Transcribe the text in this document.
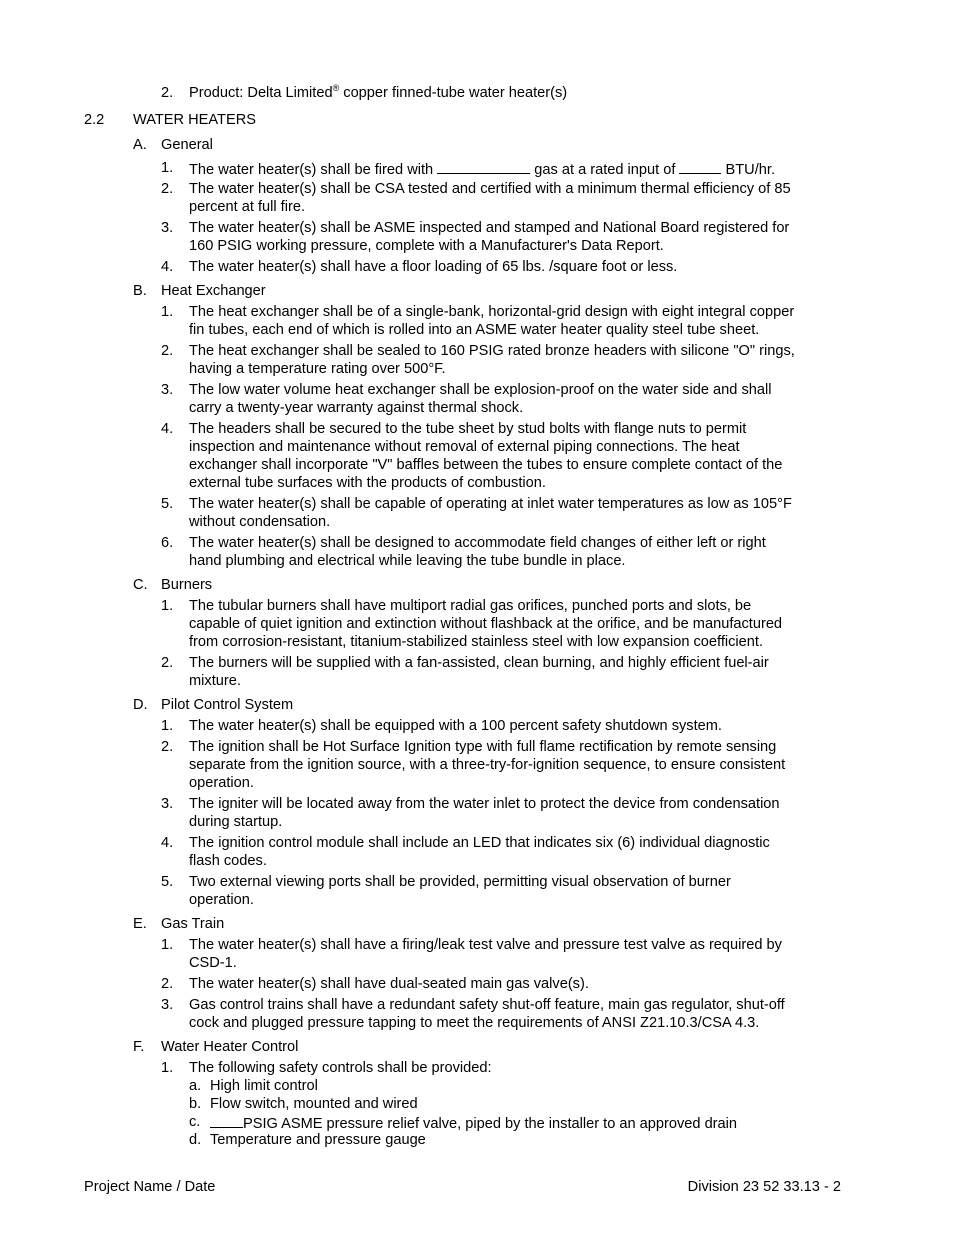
2. Product: Delta Limited® copper finned-tube water heater(s)
2.2 WATER HEATERS
A. General
1. The water heater(s) shall be fired with	gas at a rated input of	BTU/hr.
2. The water heater(s) shall be CSA tested and certified with a minimum thermal efficiency of 85
percent at full fire.
3. The water heater(s) shall be ASME inspected and stamped and National Board registered for
160 PSIG working pressure, complete with a Manufacturer's Data Report.
4. The water heater(s) shall have a floor loading of 65 lbs. /square foot or less.
B. Heat Exchanger
1. The heat exchanger shall be of a single-bank, horizontal-grid design with eight integral copper
fin tubes, each end of which is rolled into an ASME water heater quality steel tube sheet.
2. The heat exchanger shall be sealed to 160 PSIG rated bronze headers with silicone "O" rings,
having a temperature rating over 500°F.
3. The low water volume heat exchanger shall be explosion-proof on the water side and shall
carry a twenty-year warranty against thermal shock.
4. The headers shall be secured to the tube sheet by stud bolts with flange nuts to permit
inspection and maintenance without removal of external piping connections. The heat
exchanger shall incorporate "V" baffles between the tubes to ensure complete contact of the
external tube surfaces with the products of combustion.
5. The water heater(s) shall be capable of operating at inlet water temperatures as low as 105°F
without condensation.
6. The water heater(s) shall be designed to accommodate field changes of either left or right
hand plumbing and electrical while leaving the tube bundle in place.
C. Burners
1. The tubular burners shall have multiport radial gas orifices, punched ports and slots, be
capable of quiet ignition and extinction without flashback at the orifice, and be manufactured
from corrosion-resistant, titanium-stabilized stainless steel with low expansion coefficient.
2. The burners will be supplied with a fan-assisted, clean burning, and highly efficient fuel-air
mixture.
D. Pilot Control System
1. The water heater(s) shall be equipped with a 100 percent safety shutdown system.
2. The ignition shall be Hot Surface Ignition type with full flame rectification by remote sensing
separate from the ignition source, with a three-try-for-ignition sequence, to ensure consistent
operation.
3. The igniter will be located away from the water inlet to protect the device from condensation
during startup.
4. The ignition control module shall include an LED that indicates six (6) individual diagnostic
flash codes.
5. Two external viewing ports shall be provided, permitting visual observation of burner
operation.
E. Gas Train
1. The water heater(s) shall have a firing/leak test valve and pressure test valve as required by
CSD-1.
2. The water heater(s) shall have dual-seated main gas valve(s).
3. Gas control trains shall have a redundant safety shut-off feature, main gas regulator, shut-off
cock and plugged pressure tapping to meet the requirements of ANSI Z21.10.3/CSA 4.3.
F. Water Heater Control
1. The following safety controls shall be provided:
a. High limit control
b. Flow switch, mounted and wired
c.	PSIG ASME pressure relief valve, piped by the installer to an approved drain
d. Temperature and pressure gauge
Project Name / Date	Division 23 52 33.13 - 2
